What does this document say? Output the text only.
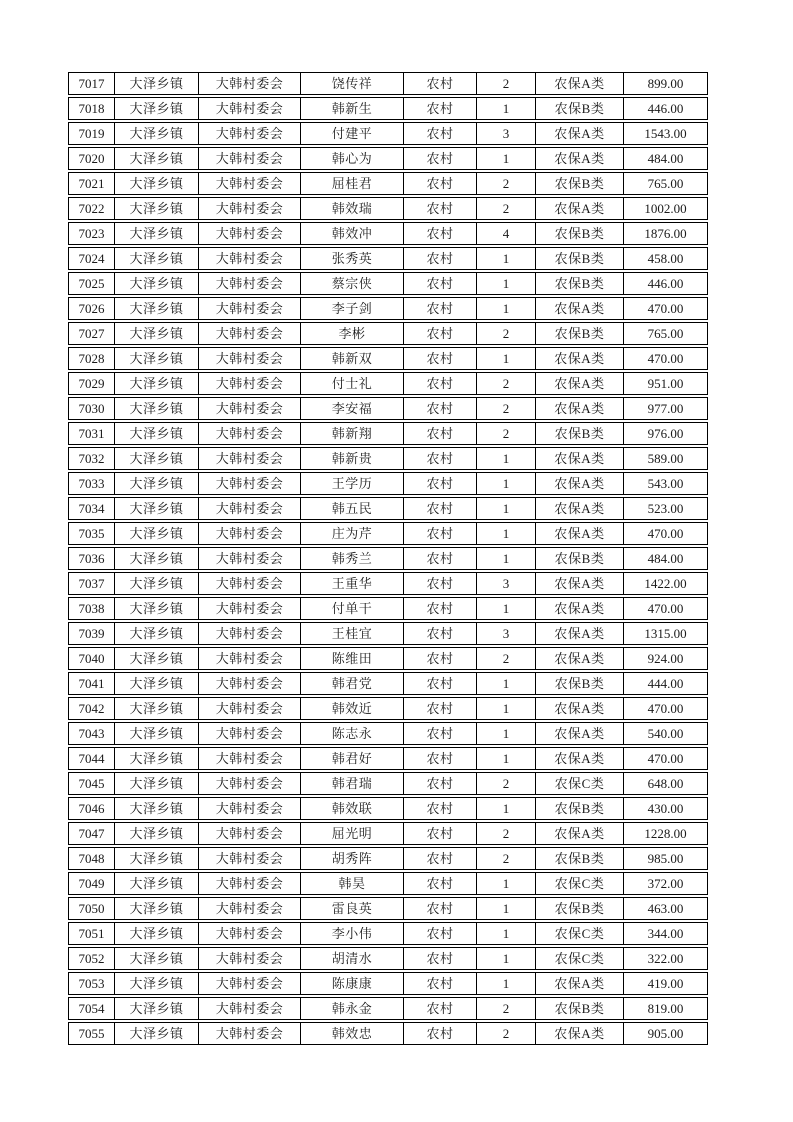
7017	大泽乡镇	大韩村委会	饶传祥	农村	2	农保A类	899.00
7018	大泽乡镇	大韩村委会	韩新生	农村	1	农保B类	446.00
7019	大泽乡镇	大韩村委会	付建平	农村	3	农保A类	1543.00
7020	大泽乡镇	大韩村委会	韩心为	农村	1	农保A类	484.00
7021	大泽乡镇	大韩村委会	屈桂君	农村	2	农保B类	765.00
7022	大泽乡镇	大韩村委会	韩效瑞	农村	2	农保A类	1002.00
7023	大泽乡镇	大韩村委会	韩效冲	农村	4	农保B类	1876.00
7024	大泽乡镇	大韩村委会	张秀英	农村	1	农保B类	458.00
7025	大泽乡镇	大韩村委会	蔡宗侠	农村	1	农保B类	446.00
7026	大泽乡镇	大韩村委会	李子剑	农村	1	农保A类	470.00
7027	大泽乡镇	大韩村委会	李彬	农村	2	农保B类	765.00
7028	大泽乡镇	大韩村委会	韩新双	农村	1	农保A类	470.00
7029	大泽乡镇	大韩村委会	付士礼	农村	2	农保A类	951.00
7030	大泽乡镇	大韩村委会	李安福	农村	2	农保A类	977.00
7031	大泽乡镇	大韩村委会	韩新翔	农村	2	农保B类	976.00
7032	大泽乡镇	大韩村委会	韩新贵	农村	1	农保A类	589.00
7033	大泽乡镇	大韩村委会	王学历	农村	1	农保A类	543.00
7034	大泽乡镇	大韩村委会	韩五民	农村	1	农保A类	523.00
7035	大泽乡镇	大韩村委会	庄为芹	农村	1	农保A类	470.00
7036	大泽乡镇	大韩村委会	韩秀兰	农村	1	农保B类	484.00
7037	大泽乡镇	大韩村委会	王重华	农村	3	农保A类	1422.00
7038	大泽乡镇	大韩村委会	付单干	农村	1	农保A类	470.00
7039	大泽乡镇	大韩村委会	王桂宜	农村	3	农保A类	1315.00
7040	大泽乡镇	大韩村委会	陈维田	农村	2	农保A类	924.00
7041	大泽乡镇	大韩村委会	韩君党	农村	1	农保B类	444.00
7042	大泽乡镇	大韩村委会	韩效近	农村	1	农保A类	470.00
7043	大泽乡镇	大韩村委会	陈志永	农村	1	农保A类	540.00
7044	大泽乡镇	大韩村委会	韩君好	农村	1	农保A类	470.00
7045	大泽乡镇	大韩村委会	韩君瑞	农村	2	农保C类	648.00
7046	大泽乡镇	大韩村委会	韩效联	农村	1	农保B类	430.00
7047	大泽乡镇	大韩村委会	屈光明	农村	2	农保A类	1228.00
7048	大泽乡镇	大韩村委会	胡秀阵	农村	2	农保B类	985.00
7049	大泽乡镇	大韩村委会	韩昊	农村	1	农保C类	372.00
7050	大泽乡镇	大韩村委会	雷良英	农村	1	农保B类	463.00
7051	大泽乡镇	大韩村委会	李小伟	农村	1	农保C类	344.00
7052	大泽乡镇	大韩村委会	胡清水	农村	1	农保C类	322.00
7053	大泽乡镇	大韩村委会	陈康康	农村	1	农保A类	419.00
7054	大泽乡镇	大韩村委会	韩永金	农村	2	农保B类	819.00
7055	大泽乡镇	大韩村委会	韩效忠	农村	2	农保A类	905.00
